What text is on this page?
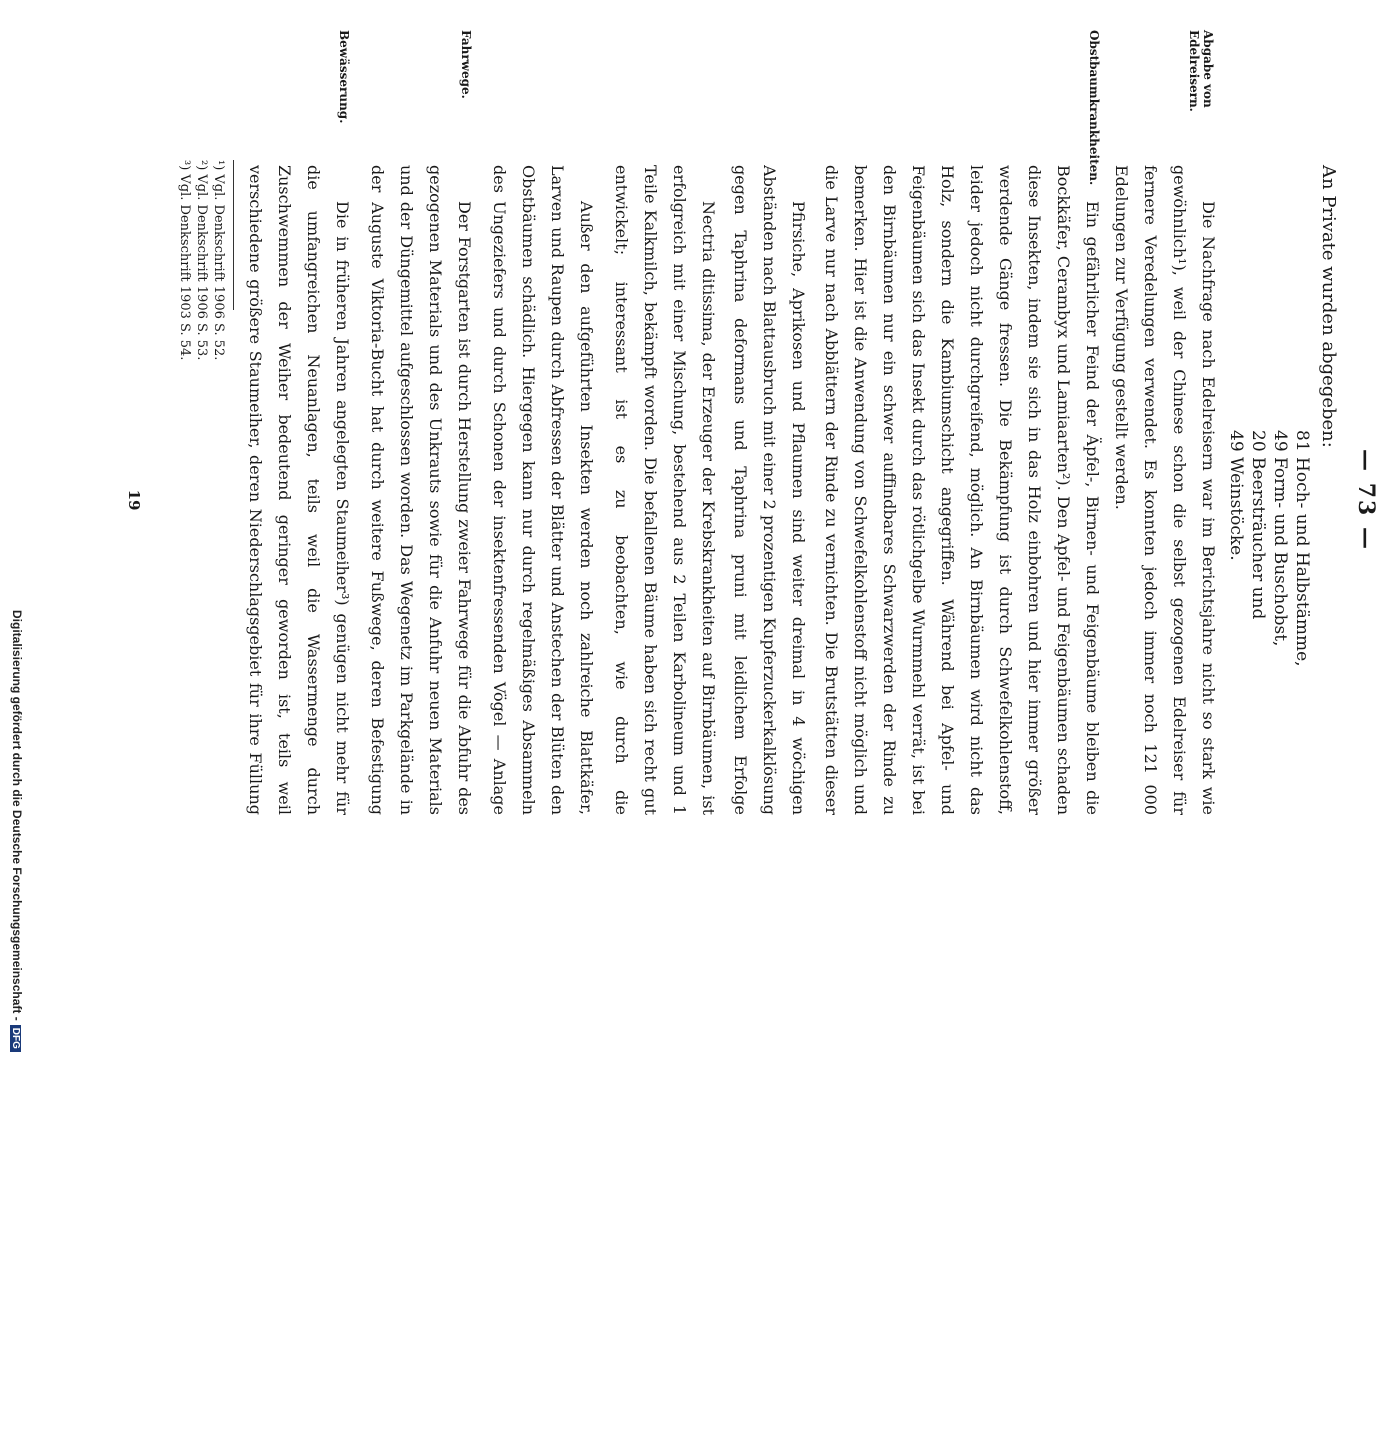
— 73 —
An Private wurden abgegeben:
81 Hoch- und Halbstämme,
49 Form- und Buschobst,
20 Beersträucher und
49 Weinstöcke.
Die Nachfrage nach Edelreisern war im Berichtsjahre nicht so stark wie gewöhnlich¹), weil der Chinese schon die selbst gezogenen Edelreiser für fernere Veredelungen verwendet. Es konnten jedoch immer noch 121 000 Edelungen zur Verfügung gestellt werden.
Ein gefährlicher Feind der Äpfel-, Birnen- und Feigenbäume bleiben die Bockkäfer, Cerambyx und Lamiaarten²). Den Apfel- und Feigenbäumen schaden diese Insekten, indem sie sich in das Holz einbohren und hier immer größer werdende Gänge fressen. Die Bekämpfung ist durch Schwefelkohlenstoff, leider jedoch nicht durchgreifend, möglich. An Birnbäumen wird nicht das Holz, sondern die Kambiumschicht angegriffen. Während bei Apfel- und Feigenbäumen sich das Insekt durch das rötlichgelbe Wurmmehl verrät, ist bei den Birnbäumen nur ein schwer auffindbares Schwarzwerden der Rinde zu bemerken. Hier ist die Anwendung von Schwefelkohlenstoff nicht möglich und die Larve nur nach Abblättern der Rinde zu vernichten. Die Brutstätten dieser
Pfirsiche, Aprikosen und Pflaumen sind weiter dreimal in 4 wöchigen Abständen nach Blattausbruch mit einer 2 prozentigen Kupferzuckerkalklösung gegen Taphrina deformans und Taphrina pruni mit leidlichem Erfolge
Nectria ditissima, der Erzeuger der Krebskrankheiten auf Birnbäumen, ist erfolgreich mit einer Mischung, bestehend aus 2 Teilen Karbolineum und 1 Teile Kalkmilch, bekämpft worden. Die befallenen Bäume haben sich recht gut entwickelt; interessant ist es zu beobachten, wie durch die
Außer den aufgeführten Insekten werden noch zahlreiche Blattkäfer, Larven und Raupen durch Abfressen der Blätter und Anstechen der Blüten den Obstbäumen schädlich. Hiergegen kann nur durch regelmäßiges Absammeln des Ungeziefers und durch Schonen der insektenfressenden Vögel — Anlage
Der Forstgarten ist durch Herstellung zweier Fahrwege für die Abfuhr des gezogenen Materials und des Unkrauts sowie für die Anfuhr neuen Materials und der Düngemittel aufgeschlossen worden. Das Wegenetz im Parkgelände in der Auguste Viktoria-Bucht hat durch weitere Fußwege, deren Befestigung
Die in früheren Jahren angelegten Staumeiher³) genügen nicht mehr für die umfangreichen Neuanlagen, teils weil die Wassermenge durch Zuschwemmen der Weiher bedeutend geringer geworden ist, teils weil verschiedene größere Staumeiher, deren Niederschlagsgebiet für ihre Füllung
Abgabe von Edelreisern.
Obstbaumkrankheiten.
Fahrwege.
Bewässerung.
¹) Vgl. Denkschrift 1906 S. 52.
²) Vgl. Denkschrift 1906 S. 53.
³) Vgl. Denkschrift 1903 S. 54.
19
Digitalisierung gefördert durch die Deutsche Forschungsgemeinschaft -DFG
